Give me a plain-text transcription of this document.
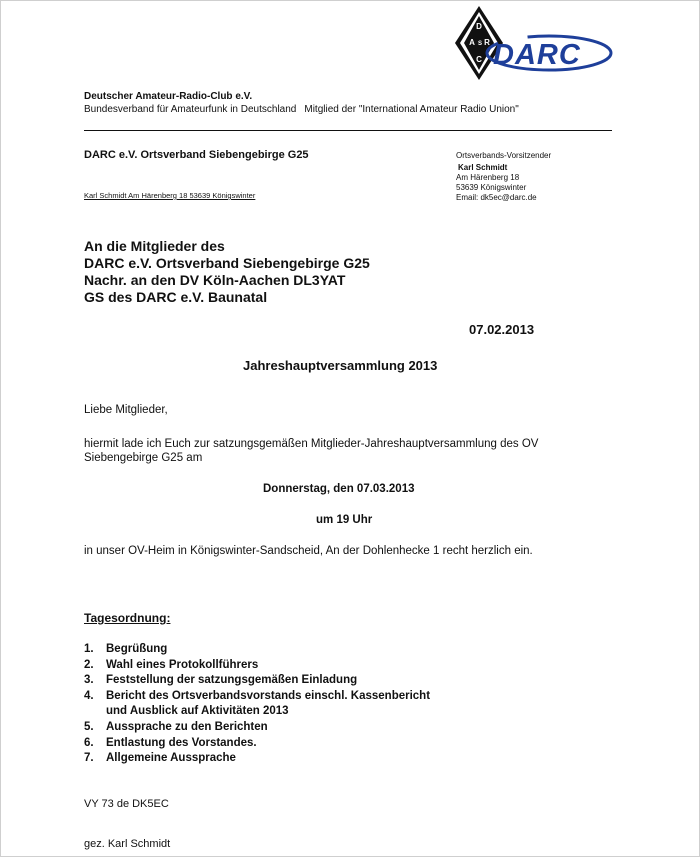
D
A S R
C DARC
Deutscher Amateur-Radio-Club e.V.
Bundesverband für Amateurfunk in Deutschland Mitglied der "International Amateur Radio Union"
DARC e.V. Ortsverband Siebengebirge G25	Ortsverbands-Vorsitzender
Karl Schmidt
Am Härenberg 18
53639 Königswinter
Email: dk5ec@darc.de
Karl Schmidt Am Härenberg 18 53639 Königswinter
An die Mitglieder des
DARC e.V. Ortsverband Siebengebirge G25
Nachr. an den DV Köln-Aachen DL3YAT
GS des DARC e.V. Baunatal
07.02.2013
Jahreshauptversammlung 2013
Liebe Mitglieder,
hiermit lade ich Euch zur satzungsgemäßen Mitglieder-Jahreshauptversammlung des OV Siebengebirge G25 am
Donnerstag, den 07.03.2013
um 19 Uhr
in unser OV-Heim in Königswinter-Sandscheid, An der Dohlenhecke 1 recht herzlich ein.
Tagesordnung:
1.	Begrüßung
2.	Wahl eines Protokollführers
3.	Feststellung der satzungsgemäßen Einladung
4.	Bericht des Ortsverbandsvorstands einschl. Kassenbericht
und Ausblick auf Aktivitäten 2013
5.	Aussprache zu den Berichten
6.	Entlastung des Vorstandes.
7.	Allgemeine Aussprache
VY 73 de DK5EC
gez. Karl Schmidt
